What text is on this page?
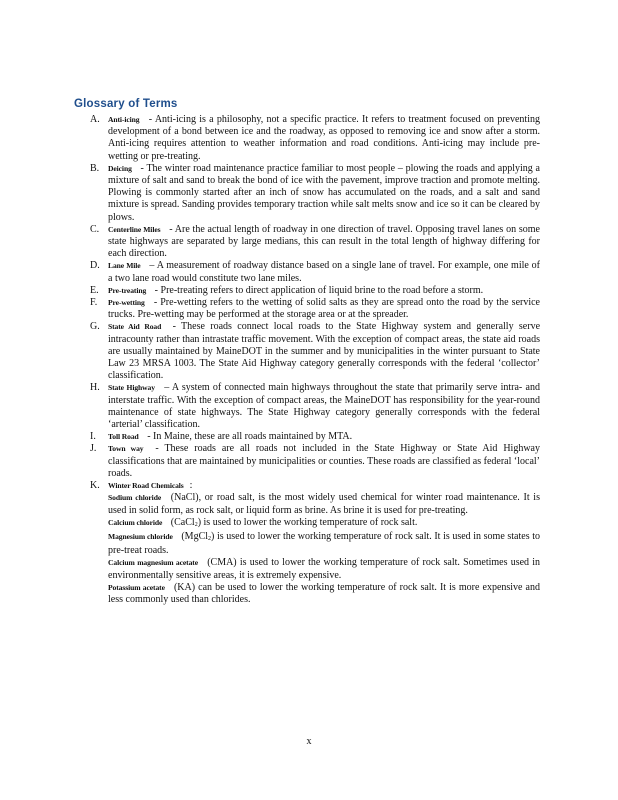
Glossary of Terms
A.	Anti-icing - Anti-icing is a philosophy, not a specific practice. It refers to treatment focused on preventing development of a bond between ice and the roadway, as opposed to removing ice and snow after a storm. Anti-icing requires attention to weather information and road conditions. Anti-icing may include pre-wetting or pre-treating.
B.	Deicing - The winter road maintenance practice familiar to most people – plowing the roads and applying a mixture of salt and sand to break the bond of ice with the pavement, improve traction and promote melting. Plowing is commonly started after an inch of snow has accumulated on the roads, and a salt and sand mixture is spread. Sanding provides temporary traction while salt melts snow and ice so it can be cleared by plows.
C.	Centerline Miles - Are the actual length of roadway in one direction of travel. Opposing travel lanes on some state highways are separated by large medians, this can result in the total length of highway differing for each direction.
D.	Lane Mile – A measurement of roadway distance based on a single lane of travel. For example, one mile of a two lane road would constitute two lane miles.
E.	Pre-treating - Pre-treating refers to direct application of liquid brine to the road before a storm.
F.	Pre-wetting - Pre-wetting refers to the wetting of solid salts as they are spread onto the road by the service trucks. Pre-wetting may be performed at the storage area or at the spreader.
G.	State Aid Road - These roads connect local roads to the State Highway system and generally serve intracounty rather than intrastate traffic movement. With the exception of compact areas, the state aid roads are usually maintained by MaineDOT in the summer and by municipalities in the winter pursuant to State Law 23 MRSA 1003. The State Aid Highway category generally corresponds with the federal ‘collector’ classification.
H.	State Highway – A system of connected main highways throughout the state that primarily serve intra- and interstate traffic. With the exception of compact areas, the MaineDOT has responsibility for the year-round maintenance of state highways. The State Highway category generally corresponds with the federal ‘arterial’ classification.
I.	Toll Road - In Maine, these are all roads maintained by MTA.
J.	Town way - These roads are all roads not included in the State Highway or State Aid Highway classifications that are maintained by municipalities or counties. These roads are classified as federal ‘local’ roads.
K.	Winter Road Chemicals :
Sodium chloride (NaCl), or road salt, is the most widely used chemical for winter road maintenance. It is used in solid form, as rock salt, or liquid form as brine. As brine it is used for pre-treating.
Calcium chloride (CaCl$_2$) is used to lower the working temperature of rock salt.
Magnesium chloride (MgCl$_2$) is used to lower the working temperature of rock salt. It is used in some states to pre-treat roads.
Calcium magnesium acetate (CMA) is used to lower the working temperature of rock salt. Sometimes used in environmentally sensitive areas, it is extremely expensive.
Potassium acetate (KA) can be used to lower the working temperature of rock salt. It is more expensive and less commonly used than chlorides.
x
